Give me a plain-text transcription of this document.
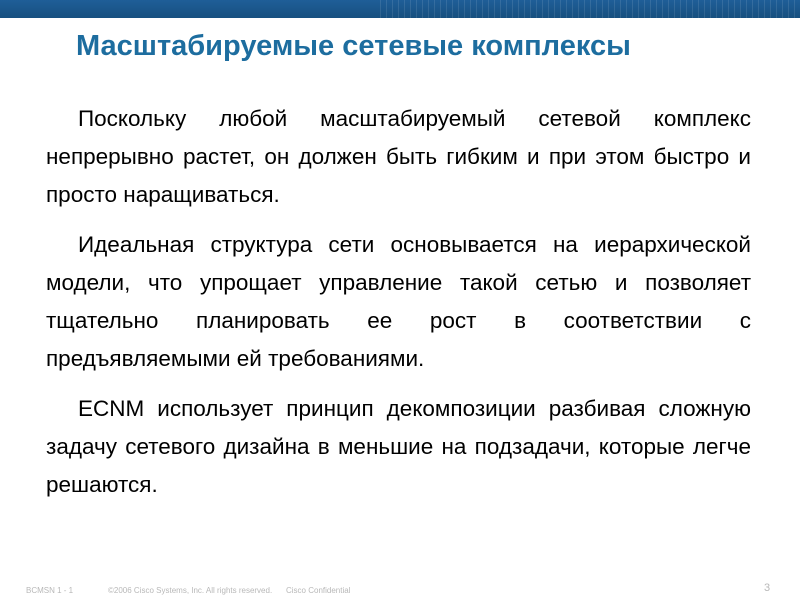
Масштабируемые сетевые комплексы

Поскольку любой масштабируемый сетевой комплекс непрерывно растет, он должен быть гибким и при этом быстро и просто наращиваться.

Идеальная структура сети основывается на иерархической модели, что упрощает управление такой сетью и позволяет тщательно планировать ее рост в соответствии с предъявляемыми ей требованиями.

ECNM использует принцип декомпозиции разбивая сложную задачу сетевого дизайна в меньшие на подзадачи, которые легче решаются.

BCMSN 1 - 1	©2006 Cisco Systems, Inc. All rights reserved. Cisco Confidential	3
